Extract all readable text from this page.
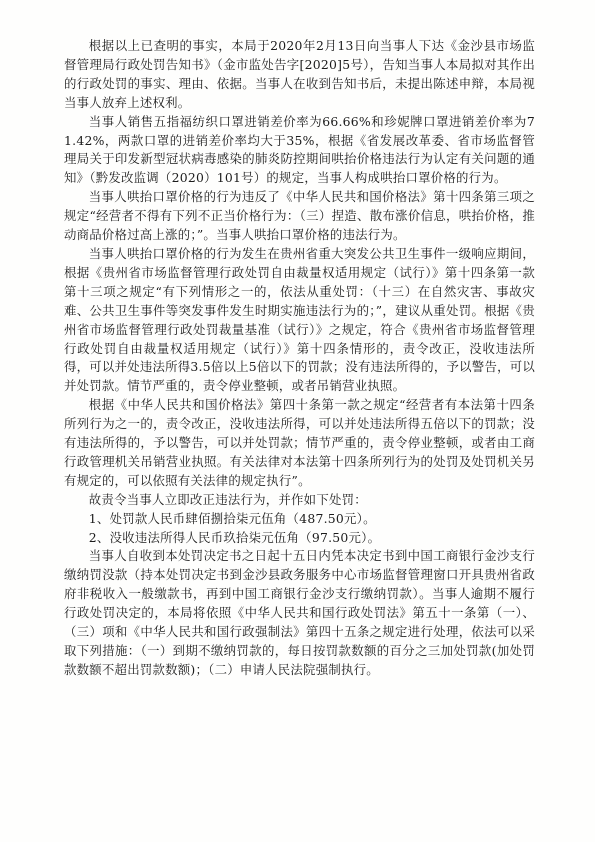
根据以上已查明的事实，本局于2020年2月13日向当事人下达《金沙县市场监督管理局行政处罚告知书》（金市监处告字[2020]5号），告知当事人本局拟对其作出的行政处罚的事实、理由、依据。当事人在收到告知书后，未提出陈述申辩，本局视当事人放弃上述权利。

当事人销售五指福纺织口罩进销差价率为66.66%和珍妮牌口罩进销差价率为71.42%，两款口罩的进销差价率均大于35%，根据《省发展改革委、省市场监督管理局关于印发新型冠状病毒感染的肺炎防控期间哄抬价格违法行为认定有关问题的通知》（黔发改监调（2020）101号）的规定，当事人构成哄抬口罩价格的行为。

当事人哄抬口罩价格的行为违反了《中华人民共和国价格法》第十四条第三项之规定“经营者不得有下列不正当价格行为：（三）捏造、散布涨价信息，哄抬价格，推动商品价格过高上涨的；”。当事人哄抬口罩价格的违法行为。

当事人哄抬口罩价格的行为发生在贵州省重大突发公共卫生事件一级响应期间，根据《贵州省市场监督管理行政处罚自由裁量权适用规定（试行）》第十四条第一款第十三项之规定“有下列情形之一的，依法从重处罚：（十三）在自然灾害、事故灾难、公共卫生事件等突发事件发生时期实施违法行为的；”，建议从重处罚。根据《贵州省市场监督管理行政处罚裁量基准（试行）》之规定，符合《贵州省市场监督管理行政处罚自由裁量权适用规定（试行）》第十四条情形的，责令改正，没收违法所得，可以并处违法所得3.5倍以上5倍以下的罚款；没有违法所得的，予以警告，可以并处罚款。情节严重的，责令停业整顿，或者吊销营业执照。

根据《中华人民共和国价格法》第四十条第一款之规定“经营者有本法第十四条所列行为之一的，责令改正，没收违法所得，可以并处违法所得五倍以下的罚款；没有违法所得的，予以警告，可以并处罚款；情节严重的，责令停业整顿，或者由工商行政管理机关吊销营业执照。有关法律对本法第十四条所列行为的处罚及处罚机关另有规定的，可以依照有关法律的规定执行”。

故责令当事人立即改正违法行为，并作如下处罚：

1、处罚款人民币肆佰捌拾柒元伍角（487.50元）。

2、没收违法所得人民币玖拾柒元伍角（97.50元）。

当事人自收到本处罚决定书之日起十五日内凭本决定书到中国工商银行金沙支行缴纳罚没款（持本处罚决定书到金沙县政务服务中心市场监督管理窗口开具贵州省政府非税收入一般缴款书，再到中国工商银行金沙支行缴纳罚款）。当事人逾期不履行行政处罚决定的，本局将依照《中华人民共和国行政处罚法》第五十一条第（一）、（三）项和《中华人民共和国行政强制法》第四十五条之规定进行处理，依法可以采取下列措施：（一）到期不缴纳罚款的，每日按罚款数额的百分之三加处罚款(加处罚款数额不超出罚款数额)；（二）申请人民法院强制执行。
